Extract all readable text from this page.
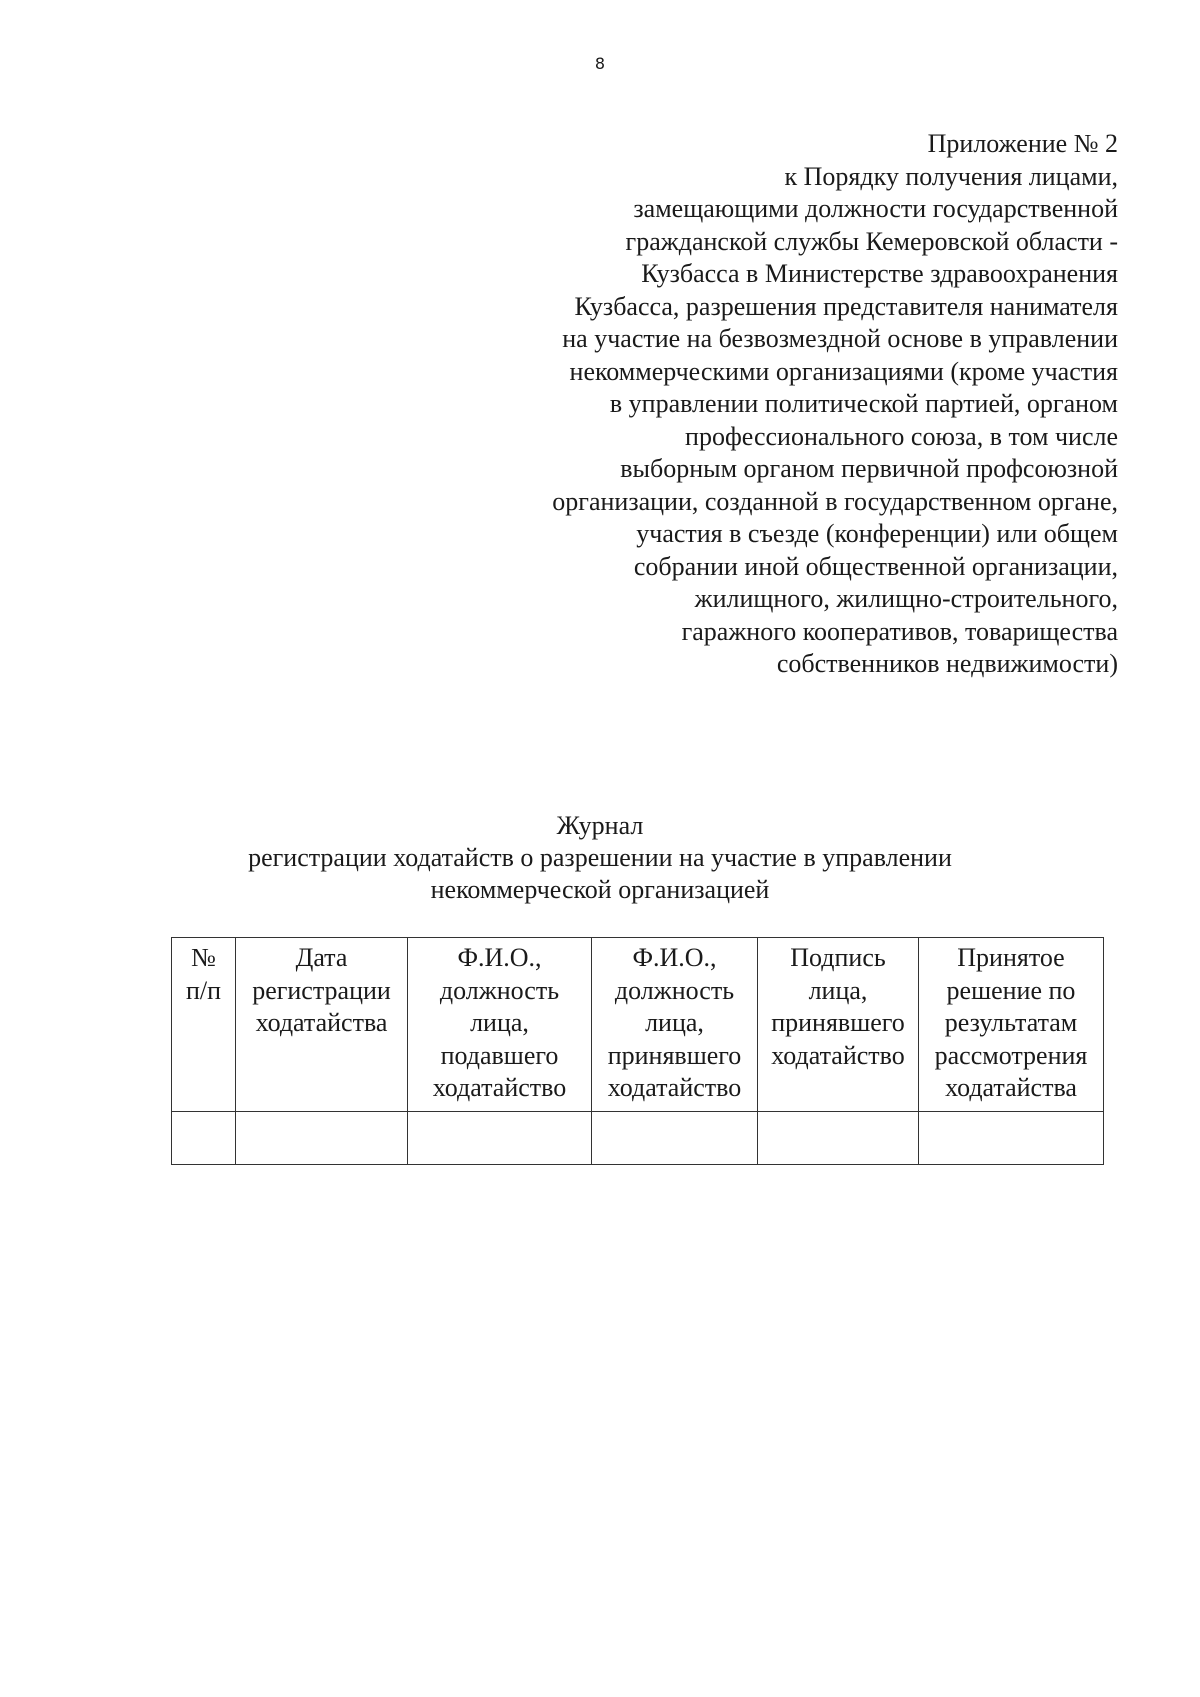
8
Приложение № 2
к Порядку получения лицами,
замещающими должности государственной
гражданской службы Кемеровской области -
Кузбасса в Министерстве здравоохранения
Кузбасса, разрешения представителя нанимателя
на участие на безвозмездной основе в управлении
некоммерческими организациями (кроме участия
в управлении политической партией, органом
профессионального союза, в том числе
выборным органом первичной профсоюзной
организации, созданной в государственном органе,
участия в съезде (конференции) или общем
собрании иной общественной организации,
жилищного, жилищно-строительного,
гаражного кооперативов, товарищества
собственников недвижимости)
Журнал
регистрации ходатайств о разрешении на участие в управлении
некоммерческой организацией
№
п/п	Дата
регистрации
ходатайства	Ф.И.О.,
должность
лица,
подавшего
ходатайство	Ф.И.О.,
должность
лица,
принявшего
ходатайство	Подпись
лица,
принявшего
ходатайство	Принятое
решение по
результатам
рассмотрения
ходатайства
